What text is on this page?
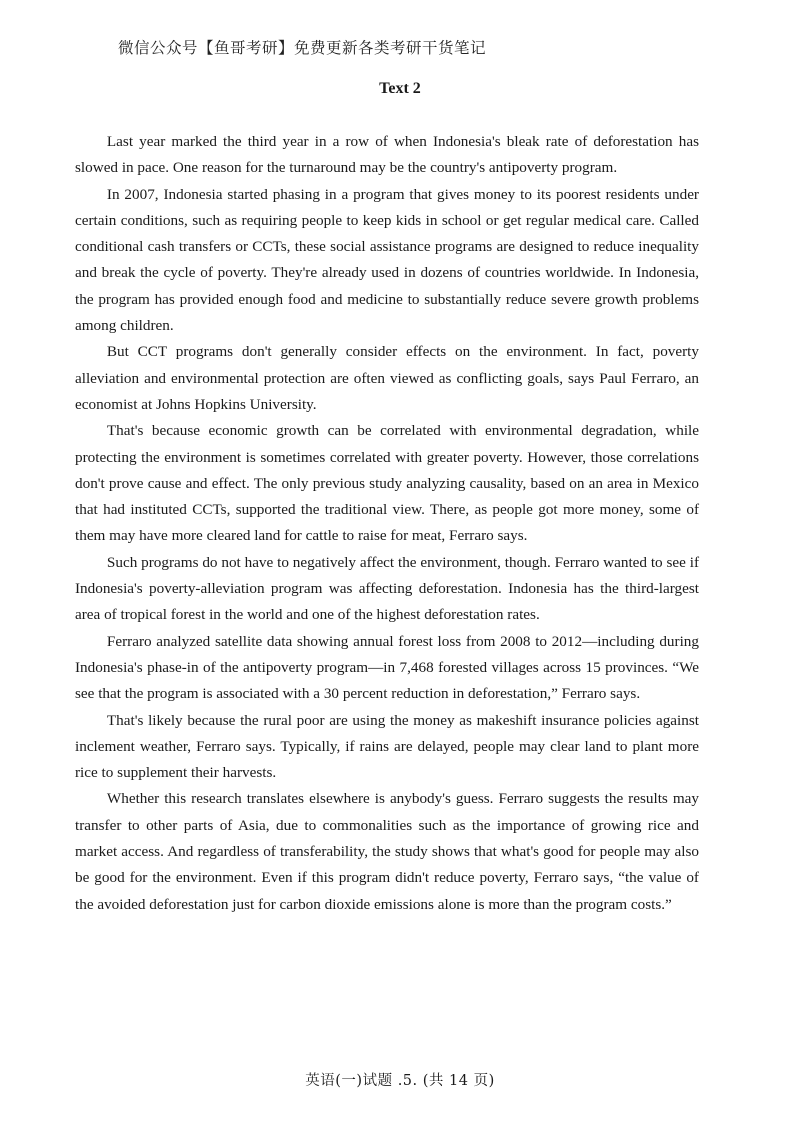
微信公众号【鱼哥考研】免费更新各类考研干货笔记
Text 2

Last year marked the third year in a row of when Indonesia's bleak rate of deforestation has slowed in pace. One reason for the turnaround may be the country's antipoverty program.

In 2007, Indonesia started phasing in a program that gives money to its poorest residents under certain conditions, such as requiring people to keep kids in school or get regular medical care. Called conditional cash transfers or CCTs, these social assistance programs are designed to reduce inequality and break the cycle of poverty. They're already used in dozens of countries worldwide. In Indonesia, the program has provided enough food and medicine to substantially reduce severe growth problems among children.

But CCT programs don't generally consider effects on the environment. In fact, poverty alleviation and environmental protection are often viewed as conflicting goals, says Paul Ferraro, an economist at Johns Hopkins University.

That's because economic growth can be correlated with environmental degradation, while protecting the environment is sometimes correlated with greater poverty. However, those correlations don't prove cause and effect. The only previous study analyzing causality, based on an area in Mexico that had instituted CCTs, supported the traditional view. There, as people got more money, some of them may have more cleared land for cattle to raise for meat, Ferraro says.

Such programs do not have to negatively affect the environment, though. Ferraro wanted to see if Indonesia's poverty-alleviation program was affecting deforestation. Indonesia has the third-largest area of tropical forest in the world and one of the highest deforestation rates.

Ferraro analyzed satellite data showing annual forest loss from 2008 to 2012—including during Indonesia's phase-in of the antipoverty program—in 7,468 forested villages across 15 provinces. “We see that the program is associated with a 30 percent reduction in deforestation,” Ferraro says.

That's likely because the rural poor are using the money as makeshift insurance policies against inclement weather, Ferraro says. Typically, if rains are delayed, people may clear land to plant more rice to supplement their harvests.

Whether this research translates elsewhere is anybody's guess. Ferraro suggests the results may transfer to other parts of Asia, due to commonalities such as the importance of growing rice and market access. And regardless of transferability, the study shows that what's good for people may also be good for the environment. Even if this program didn't reduce poverty, Ferraro says, “the value of the avoided deforestation just for carbon dioxide emissions alone is more than the program costs.”

英语(一)试题 .5. (共 14 页)
